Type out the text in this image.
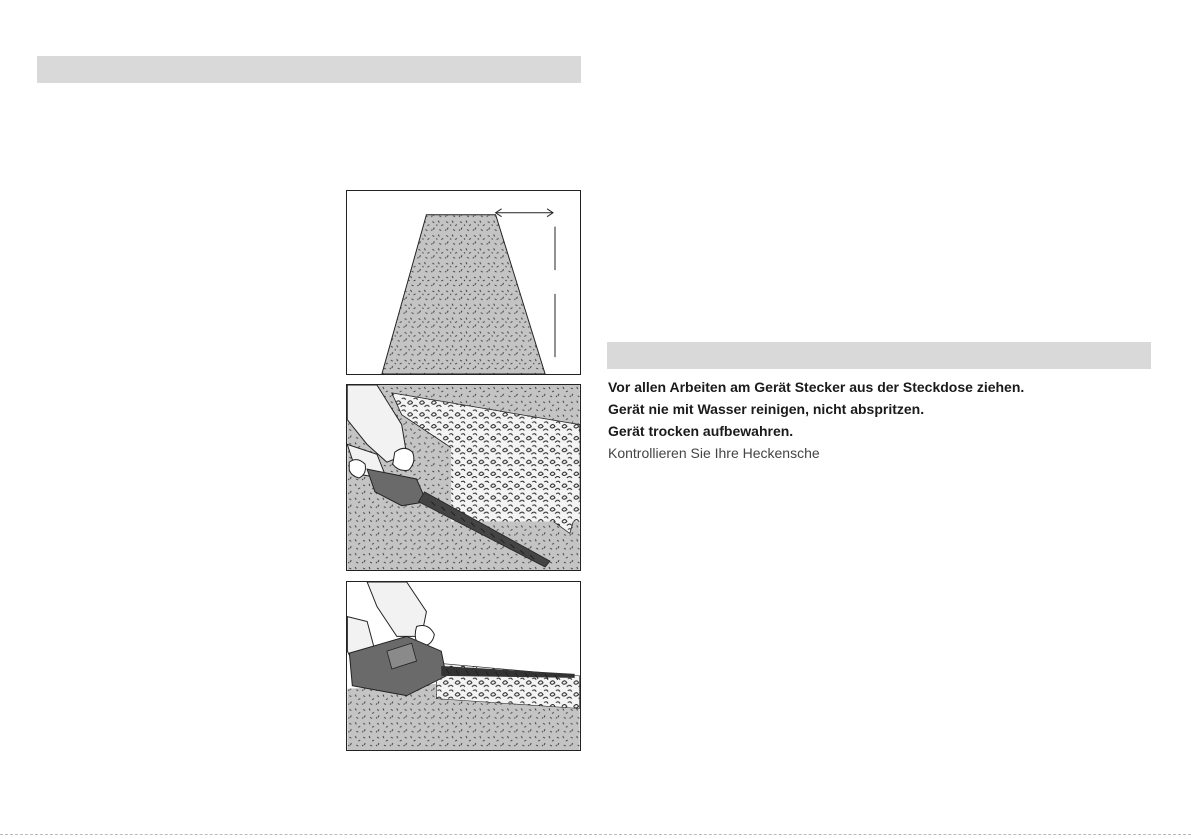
Vor allen Arbeiten am Gerät Stecker aus der Steckdose ziehen.
Gerät nie mit Wasser reinigen, nicht abspritzen.
Gerät trocken aufbewahren.
Kontrollieren Sie Ihre Heckensche
